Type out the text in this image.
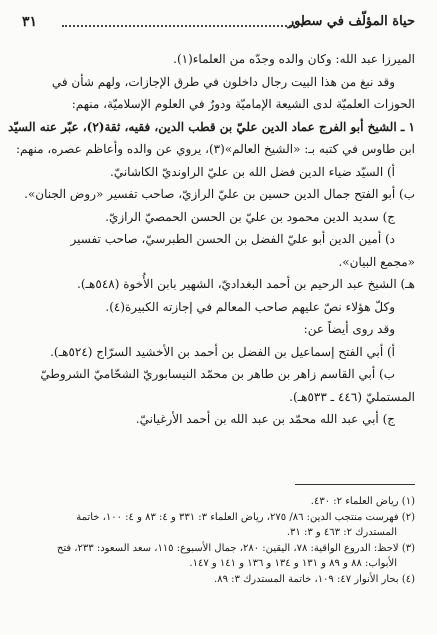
حياة المؤلّف في سطور
٣١
الميرزا عبد الله: وكان والده وجدّه من العلماء(١).
وقد نبغ من هذا البيت رجال داخلون في طرق الإجازات، ولهم شأن في
الحوزات العلميّة لدى الشيعة الإماميّة ودورٌ في العلوم الإسلاميّة، منهم:
١ ـ الشيخ أبو الفرج عماد الدين عليّ بن قطب الدين، فقيه، ثقة(٢)، عبّر عنه السيّد
ابن طاوس في كتبه بـ: «الشيخ العالم»(٣)، يروي عن والده وأعاظم عصره، منهم:
أ) السيّد ضياء الدين فضل الله بن عليّ الراونديّ الكاشانيّ.
ب) أبو الفتح جمال الدين حسين بن عليّ الرازيّ، صاحب تفسير «روض الجنان».
ج) سديد الدين محمود بن عليّ بن الحسن الحمصيّ الرازيّ.
د) أمين الدين أبو عليّ الفضل بن الحسن الطبرسيّ، صاحب تفسير
«مجمع البيان».
هـ) الشيخ عبد الرحيم بن أحمد البغداديّ، الشهير بابن الأُخوة (٥٤٨هـ).
وكلّ هؤلاء نصّ عليهم صاحب المعالم في إجازته الكبيرة(٤).
وقد روى أيضاً عن:
أ) أبي الفتح إسماعيل بن الفضل بن أحمد بن الأخشيد السرّاج (٥٢٤هـ).
ب) أبي القاسم زاهر بن طاهر بن محمّد النيسابوريّ الشحّاميّ الشروطيّ
المستمليّ (٤٤٦ ـ ٥٣٣هـ).
ج) أبي عبد الله محمّد بن عبد الله بن أحمد الأرغيانيّ.
(١) رياض العلماء ٢: ٤٣٠.
(٢) فهرست منتجب الدين: ٨٦/ ٢٧٥، رياض العلماء ٣: ٣٣١ و ٤: ٨٣ و ٤: ١٠٠، خاتمة
المستدرك ٢: ٤٦٣ و ٣: ٣١.
(٣) لاحظ: الدروع الواقية: ٧٨، اليقين: ٢٨٠، جمال الأسبوع: ١١٥، سعد السعود: ٢٣٣، فتح
الأبواب: ٨٨ و ٨٩ و ١٣١ و ١٣٤ و ١٣٦ و ١٤١ و ١٤٧.
(٤) بحار الأنوار ٤٧: ١٠٩، خاتمة المستدرك ٣: ٨٩.
